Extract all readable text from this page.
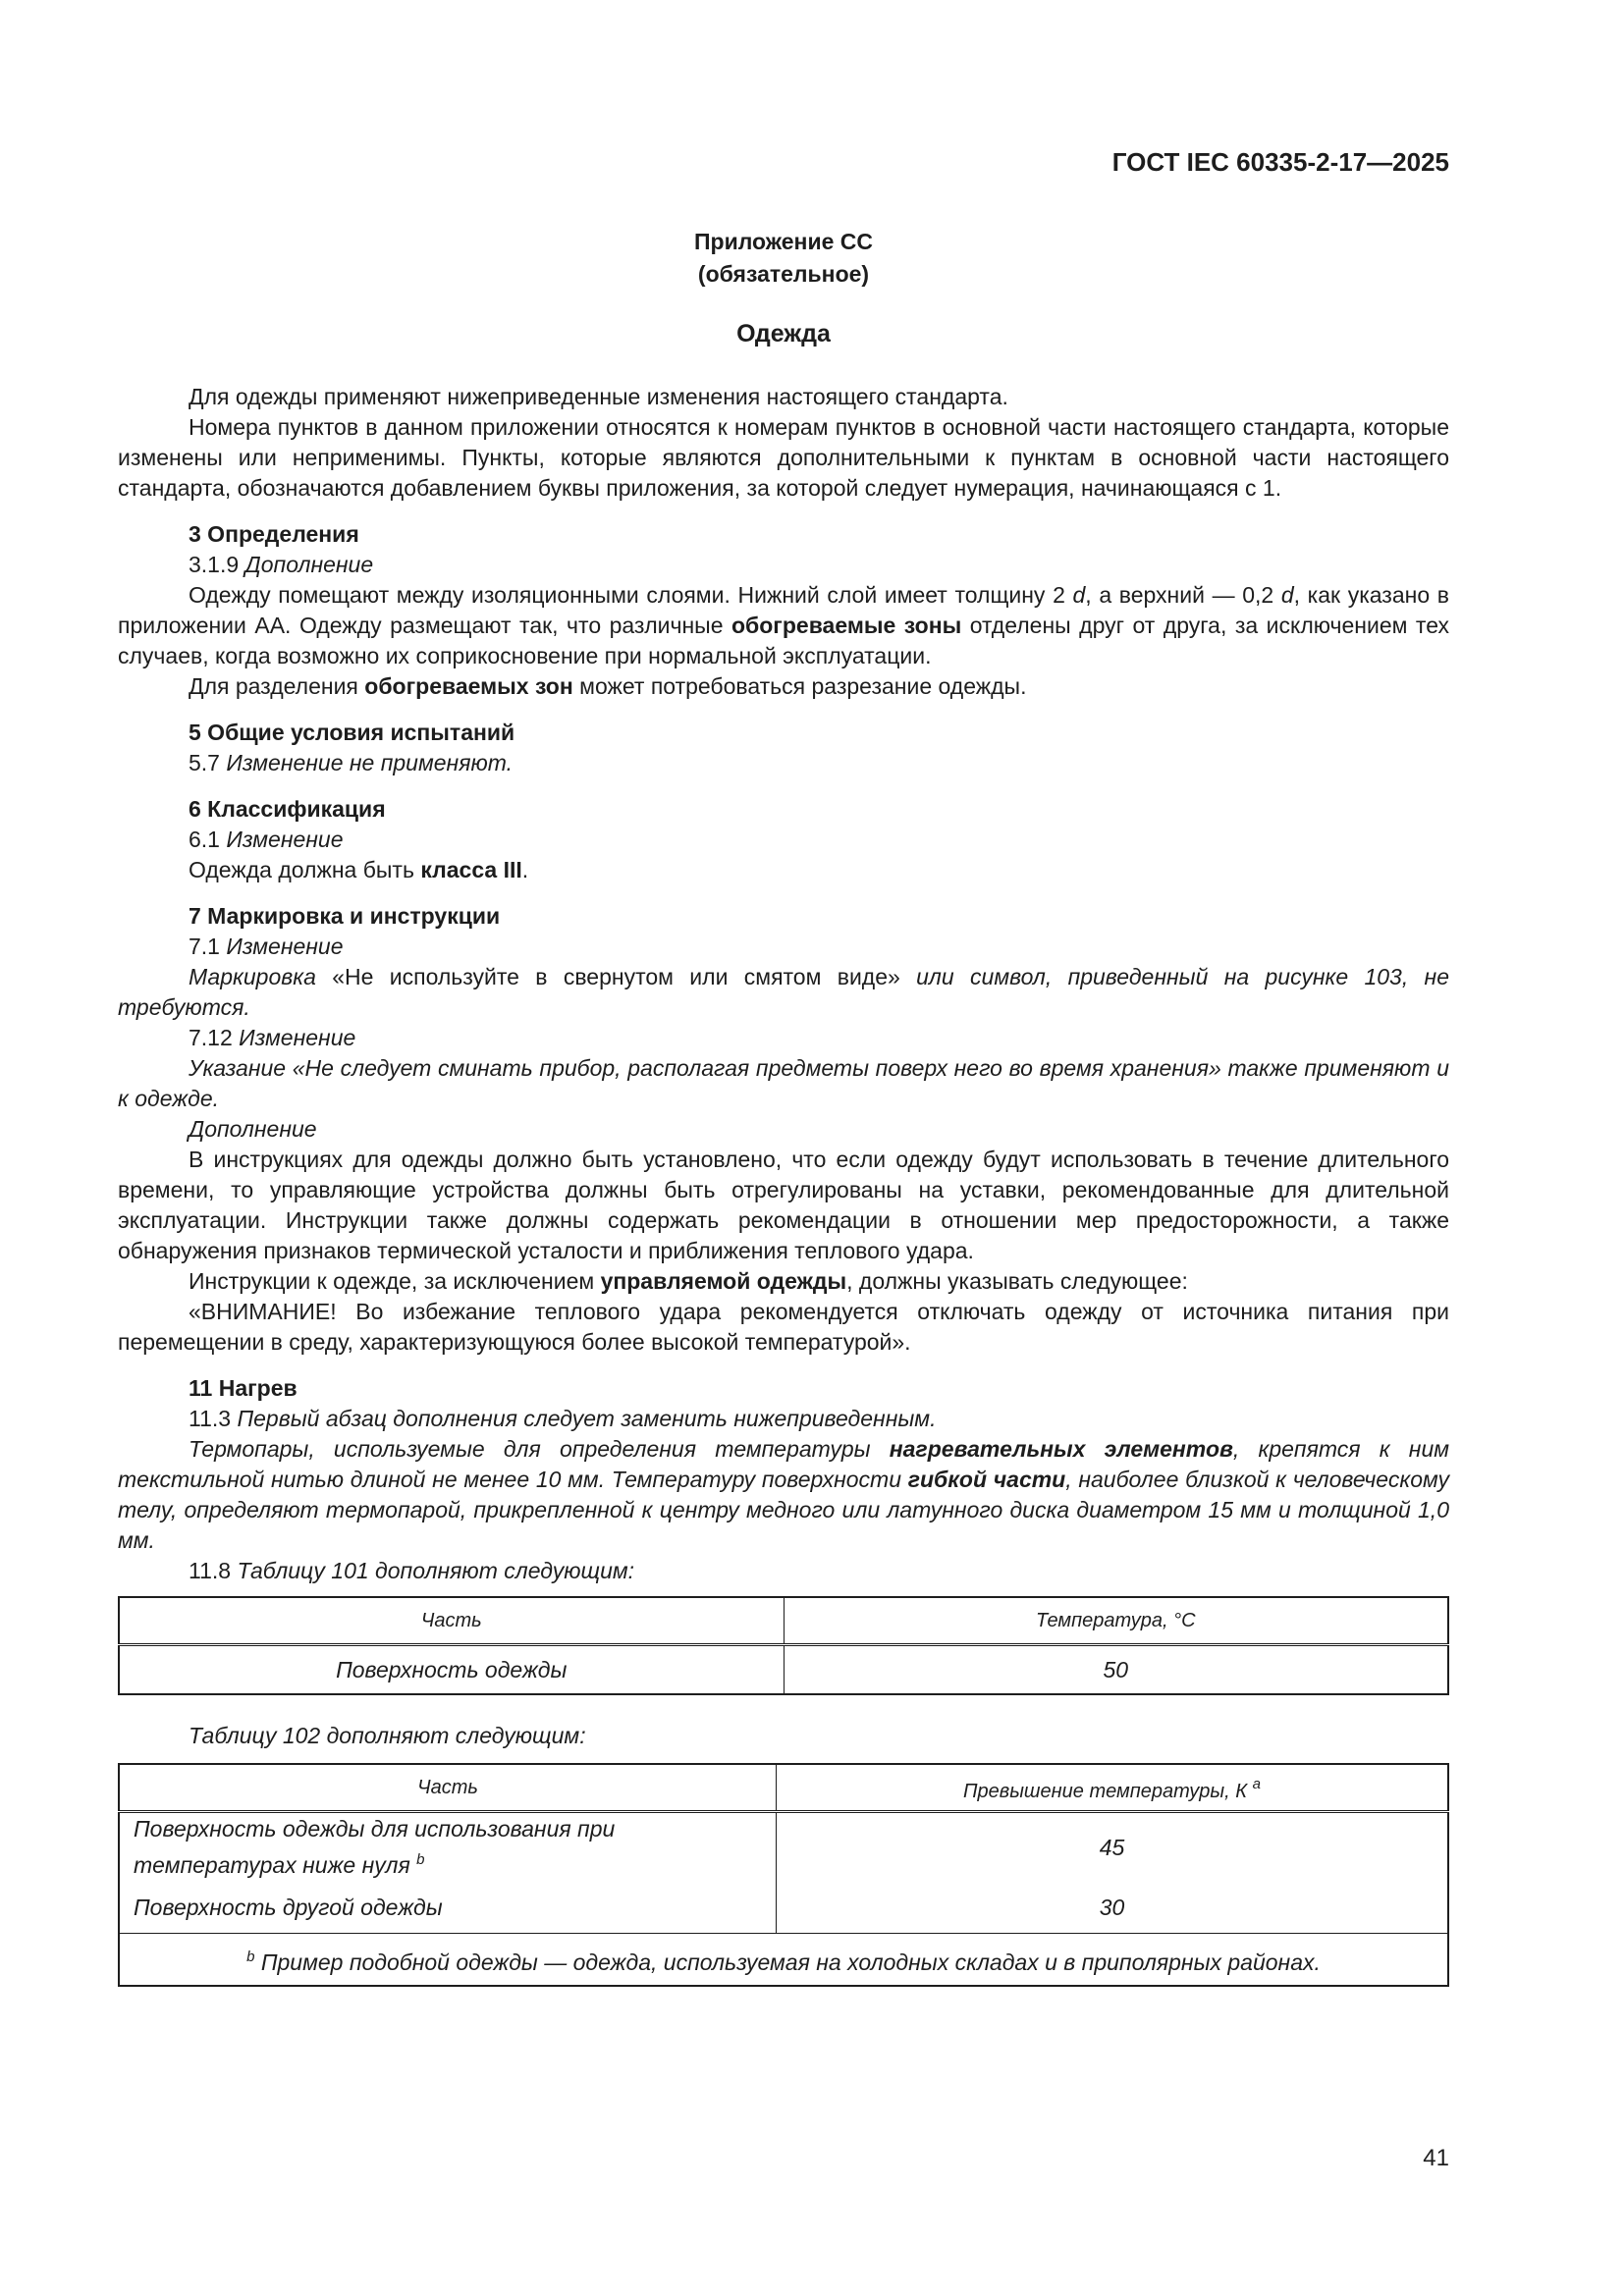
ГОСТ IEC 60335-2-17—2025
Приложение СС
(обязательное)
Одежда

Для одежды применяют нижеприведенные изменения настоящего стандарта.

Номера пунктов в данном приложении относятся к номерам пунктов в основной части настоящего стандарта, которые изменены или неприменимы. Пункты, которые являются дополнительными к пунктам в основной части настоящего стандарта, обозначаются добавлением буквы приложения, за которой следует нумерация, начинающаяся с 1.

3 Определения

3.1.9 Дополнение

Одежду помещают между изоляционными слоями. Нижний слой имеет толщину 2 d, а верхний — 0,2 d, как указано в приложении АА. Одежду размещают так, что различные обогреваемые зоны отделены друг от друга, за исключением тех случаев, когда возможно их соприкосновение при нормальной эксплуатации.

Для разделения обогреваемых зон может потребоваться разрезание одежды.

5 Общие условия испытаний

5.7 Изменение не применяют.

6 Классификация

6.1 Изменение

Одежда должна быть класса III.

7 Маркировка и инструкции

7.1 Изменение

Маркировка «Не используйте в свернутом или смятом виде» или символ, приведенный на рисунке 103, не требуются.

7.12 Изменение

Указание «Не следует сминать прибор, располагая предметы поверх него во время хранения» также применяют и к одежде.

Дополнение

В инструкциях для одежды должно быть установлено, что если одежду будут использовать в течение длительного времени, то управляющие устройства должны быть отрегулированы на уставки, рекомендованные для длительной эксплуатации. Инструкции также должны содержать рекомендации в отношении мер предосторожности, а также обнаружения признаков термической усталости и приближения теплового удара.

Инструкции к одежде, за исключением управляемой одежды, должны указывать следующее:

«ВНИМАНИЕ! Во избежание теплового удара рекомендуется отключать одежду от источника питания при перемещении в среду, характеризующуюся более высокой температурой».

11 Нагрев

11.3 Первый абзац дополнения следует заменить нижеприведенным.

Термопары, используемые для определения температуры нагревательных элементов, крепятся к ним текстильной нитью длиной не менее 10 мм. Температуру поверхности гибкой части, наиболее близкой к человеческому телу, определяют термопарой, прикрепленной к центру медного или латунного диска диаметром 15 мм и толщиной 1,0 мм.

11.8 Таблицу 101 дополняют следующим:

Часть	Температура, °С
Поверхность одежды	50
Таблицу 102 дополняют следующим:
Часть	Превышение температуры, К $^a$
Поверхность одежды для использования при температурах ниже нуля $^b$	45
Поверхность другой одежды	30
$^b$ Пример подобной одежды — одежда, используемая на холодных складах и в приполярных районах.	
41
